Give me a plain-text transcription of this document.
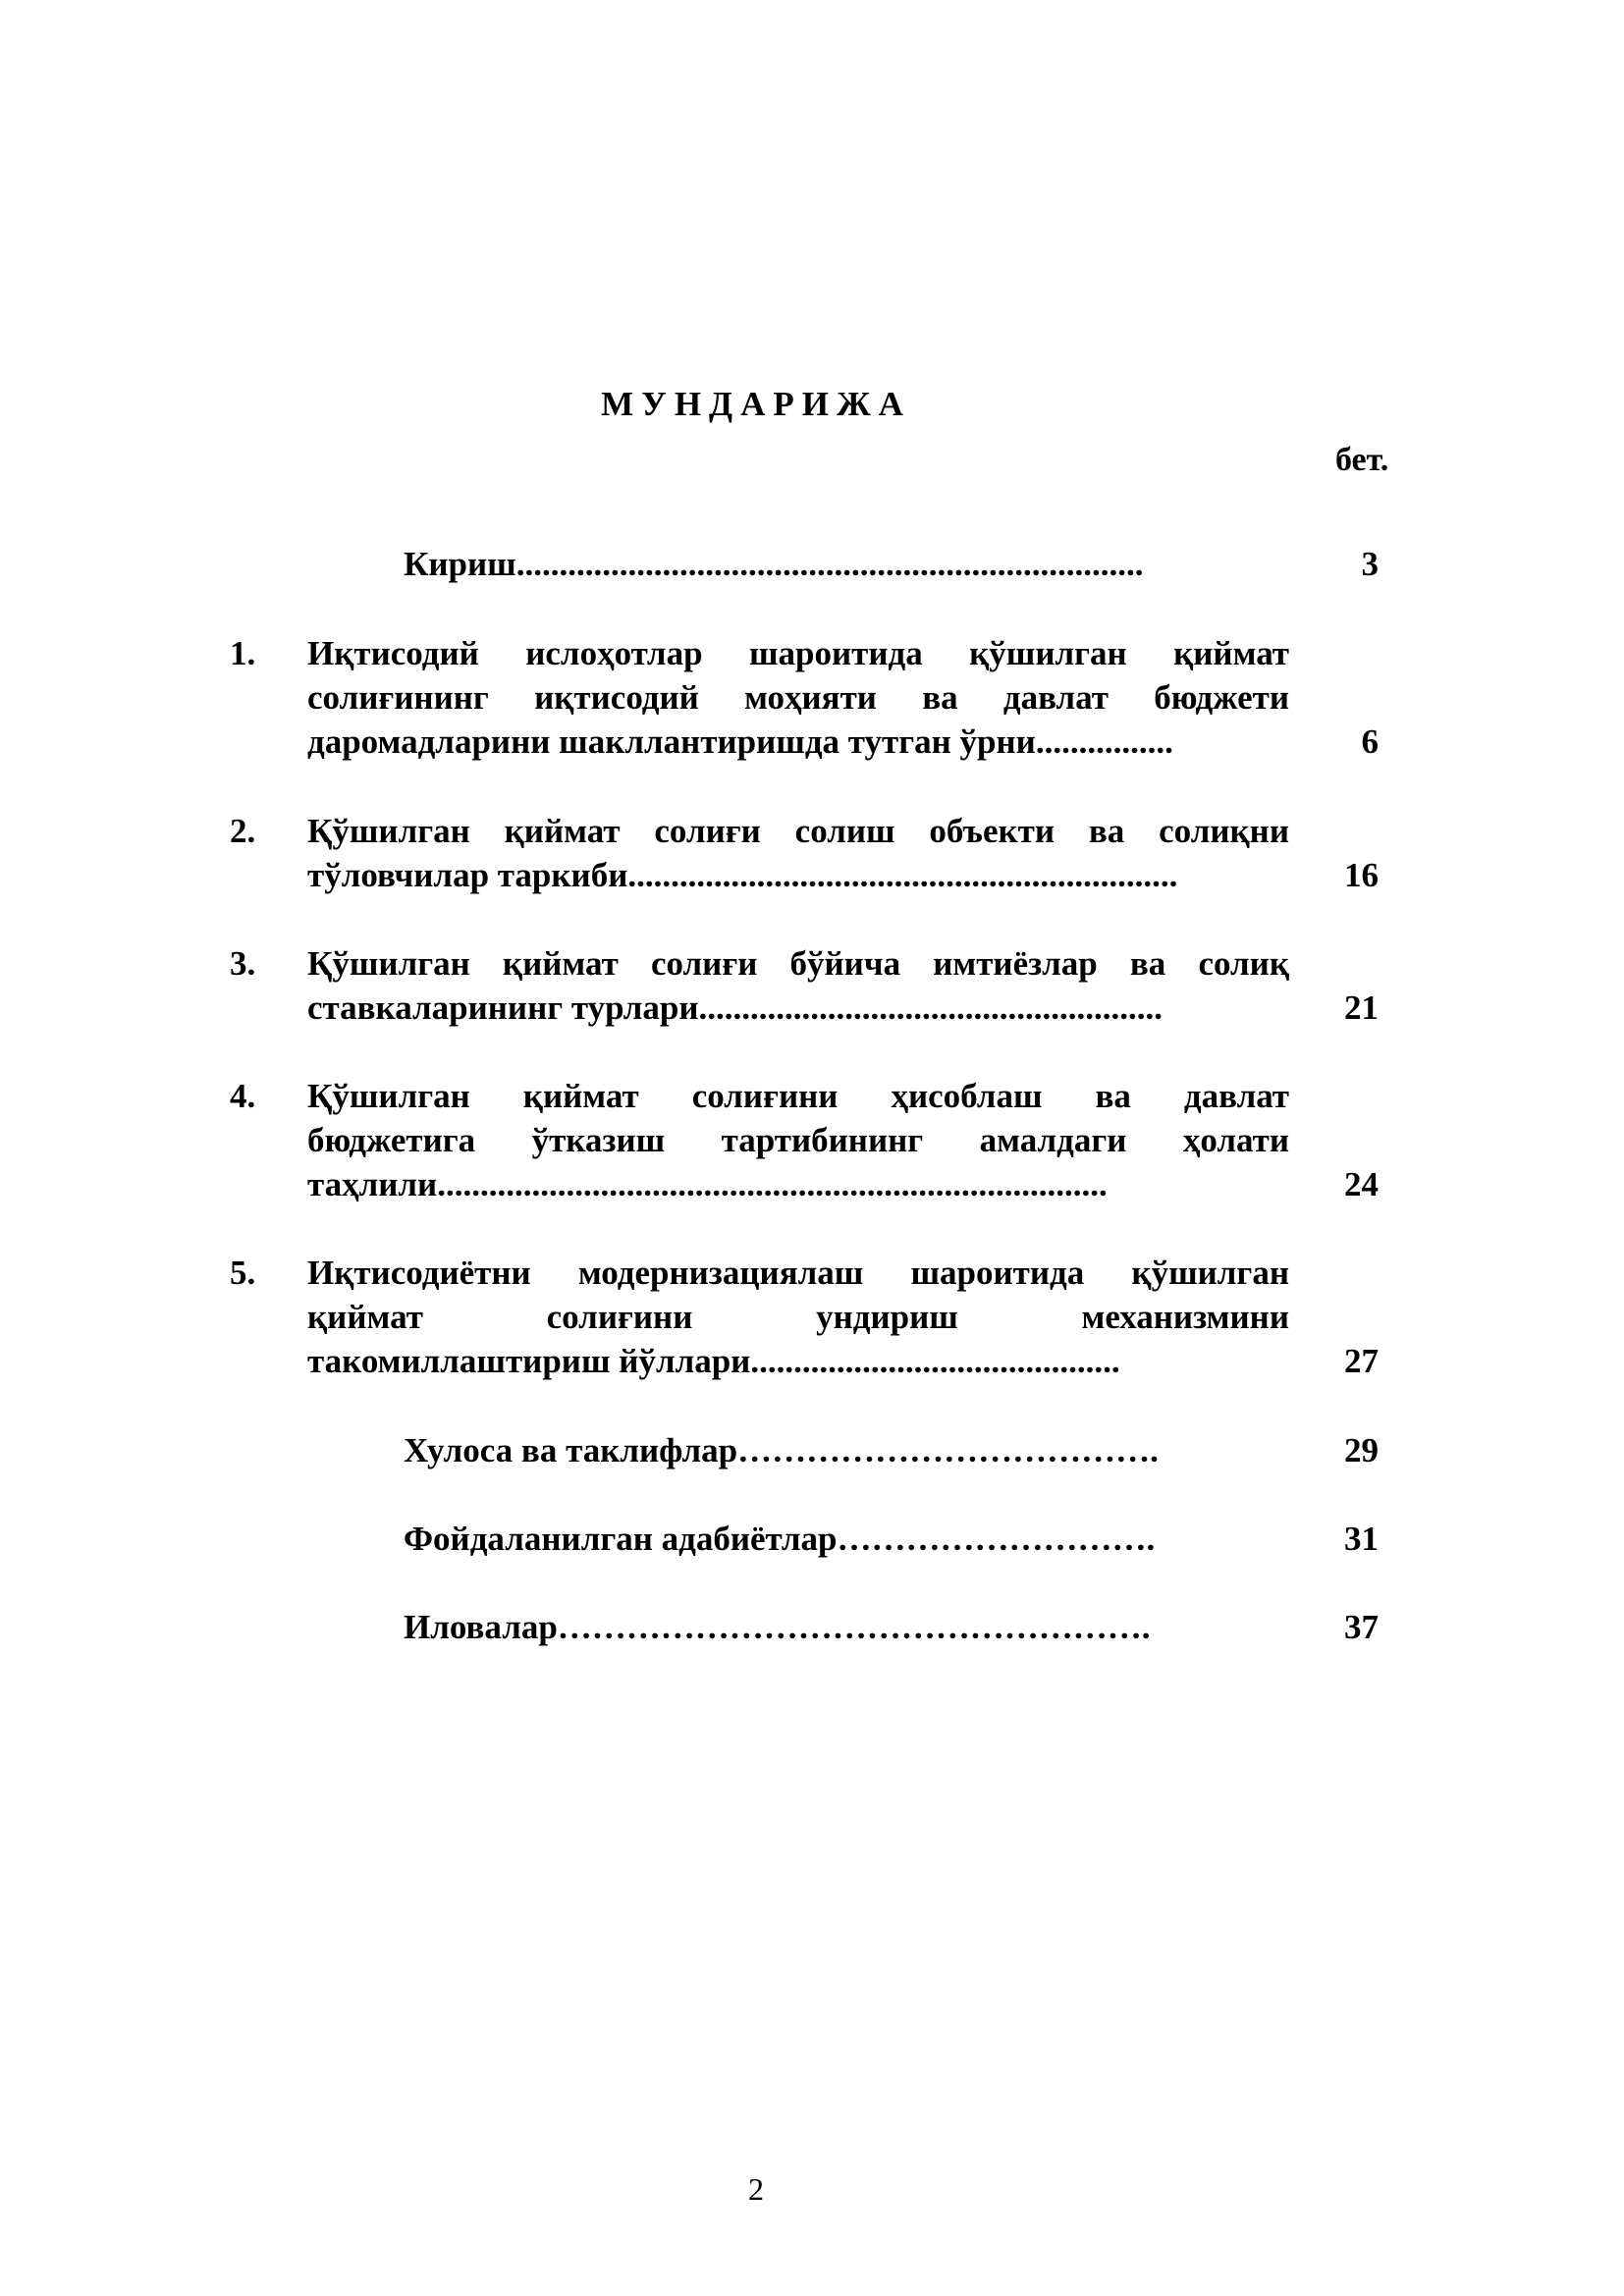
МУНДАРИЖА
бет.
Кириш.........................................................................	3
1. Иқтисодий ислоҳотлар шароитида қўшилган қиймат
солиғининг иқтисодий моҳияти ва давлат бюджети
даромадларини шакллантиришда тутган ўрни................	6
2. Қўшилган қиймат солиғи солиш объекти ва солиқни
тўловчилар таркиби................................................................	16
3. Қўшилган қиймат солиғи бўйича имтиёзлар ва солиқ
ставкаларининг турлари......................................................	21
4. Қўшилган қиймат солиғини ҳисоблаш ва давлат
бюджетига ўтказиш тартибининг амалдаги ҳолати
таҳлили..............................................................................	24
5. Иқтисодиётни модернизациялаш шароитида қўшилган
қиймат солиғини ундириш механизмини
такомиллаштириш йўллари...........................................	27
Хулоса ва таклифлар……………………………….	29
Фойдаланилган адабиётлар……………………….	31
Иловалар…………………………………………….	37
2
